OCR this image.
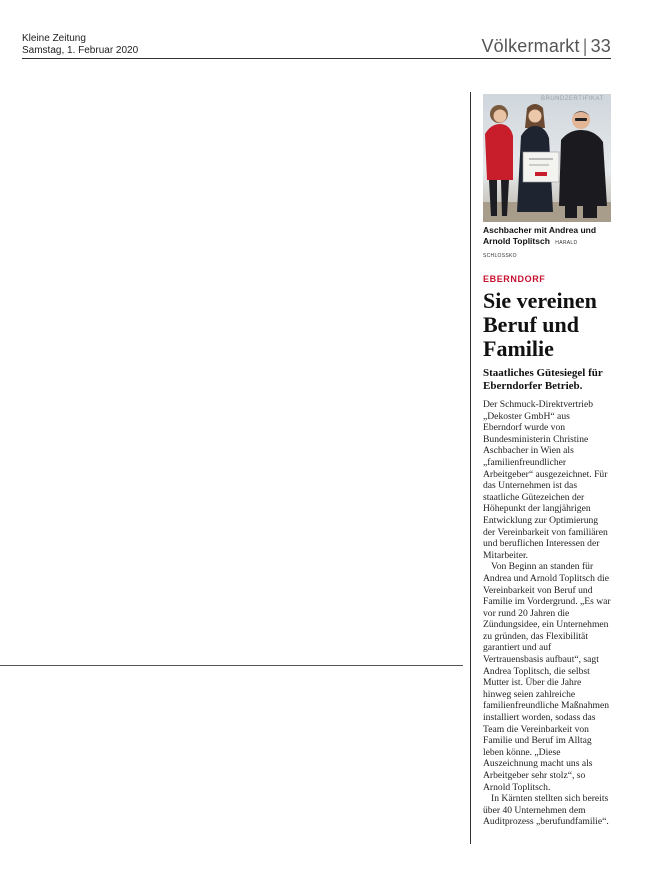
Kleine Zeitung
Samstag, 1. Februar 2020	Völkermarkt | 33
BRUNDZERTIFIKAT
Aschbacher mit Andrea und Arnold Toplitsch HARALD SCHLOSSKO
EBERNDORF
Sie vereinen Beruf und Familie
Staatliches Gütesiegel für Eberndorfer Betrieb.

Der Schmuck-Direktvertrieb „Dekoster GmbH“ aus Eberndorf wurde von Bundesministerin Christine Aschbacher in Wien als „familienfreundlicher Arbeitgeber“ ausgezeichnet. Für das Unternehmen ist das staatliche Gütezeichen der Höhepunkt der langjährigen Entwicklung zur Optimierung der Vereinbarkeit von familiären und beruflichen Interessen der Mitarbeiter.

Von Beginn an standen für Andrea und Arnold Toplitsch die Vereinbarkeit von Beruf und Familie im Vordergrund. „Es war vor rund 20 Jahren die Zündungsidee, ein Unternehmen zu gründen, das Flexibilität garantiert und auf Vertrauensbasis aufbaut“, sagt Andrea Toplitsch, die selbst Mutter ist. Über die Jahre hinweg seien zahlreiche familienfreundliche Maßnahmen installiert worden, sodass das Team die Vereinbarkeit von Familie und Beruf im Alltag leben könne. „Diese Auszeichnung macht uns als Arbeitgeber sehr stolz“, so Arnold Toplitsch.

In Kärnten stellten sich bereits über 40 Unternehmen dem Auditprozess „berufundfamilie“.
